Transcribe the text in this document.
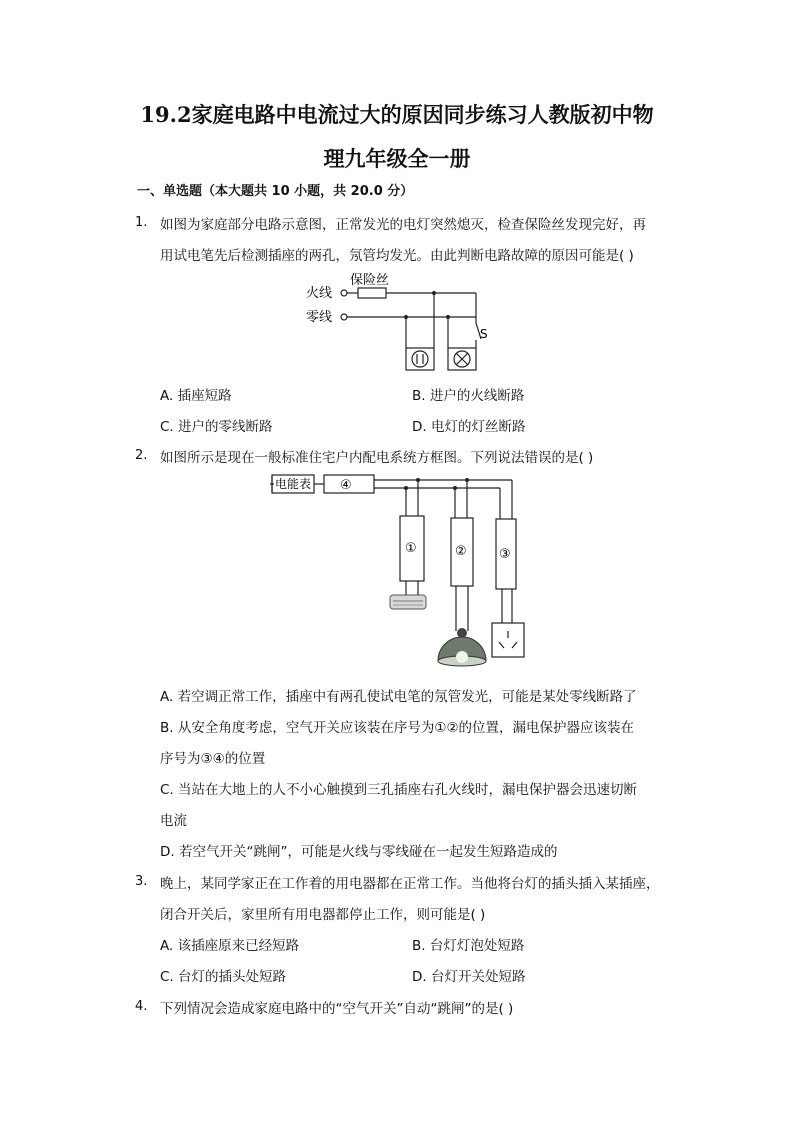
19.2家庭电路中电流过大的原因同步练习人教版初中物
理九年级全一册
一、单选题（本大题共 10 小题，共 20.0 分）
1. 如图为家庭部分电路示意图，正常发光的电灯突然熄灭，检查保险丝发现完好，再
用试电笔先后检测插座的两孔，氖管均发光。由此判断电路故障的原因可能是( )
火线
零线
保险丝
S
A. 插座短路	B. 进户的火线断路
C. 进户的零线断路	D. 电灯的灯丝断路
2. 如图所示是现在一般标准住宅户内配电系统方框图。下列说法错误的是( )
电能表 ④
①	② ③
A. 若空调正常工作，插座中有两孔使试电笔的氖管发光，可能是某处零线断路了
B. 从安全角度考虑，空气开关应该装在序号为①②的位置，漏电保护器应该装在
序号为③④的位置
C. 当站在大地上的人不小心触摸到三孔插座右孔火线时，漏电保护器会迅速切断
电流
D. 若空气开关“跳闸”，可能是火线与零线碰在一起发生短路造成的
3. 晚上，某同学家正在工作着的用电器都在正常工作。当他将台灯的插头插入某插座，
闭合开关后，家里所有用电器都停止工作，则可能是( )
A. 该插座原来已经短路	B. 台灯灯泡处短路
C. 台灯的插头处短路	D. 台灯开关处短路
4. 下列情况会造成家庭电路中的“空气开关”自动“跳闸”的是( )
